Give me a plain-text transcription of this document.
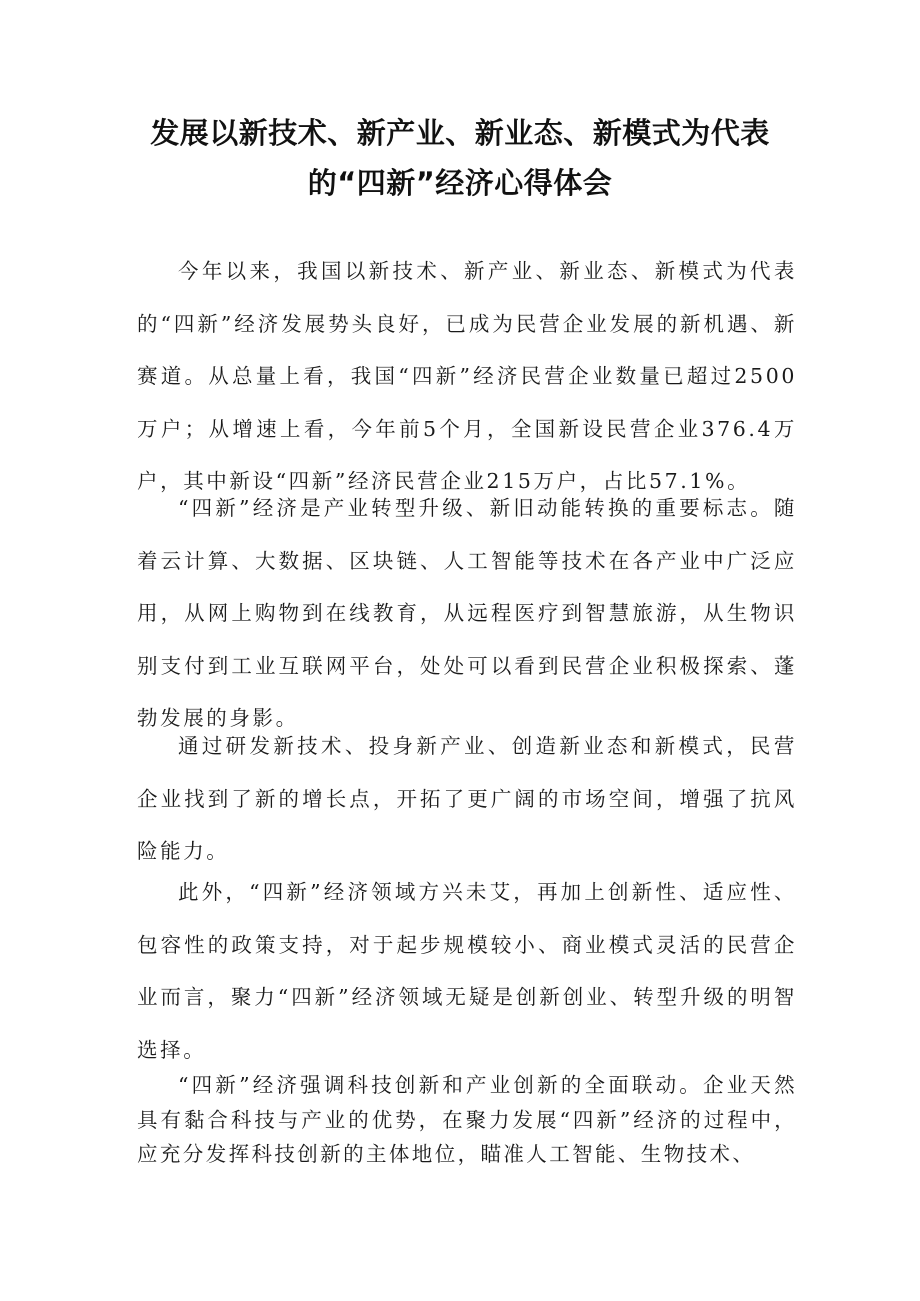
发展以新技术、新产业、新业态、新模式为代表的“四新”经济心得体会

今年以来，我国以新技术、新产业、新业态、新模式为代表的“四新”经济发展势头良好，已成为民营企业发展的新机遇、新赛道。从总量上看，我国“四新”经济民营企业数量已超过2500万户；从增速上看，今年前5个月，全国新设民营企业376.4万户，其中新设“四新”经济民营企业215万户，占比57.1%。

“四新”经济是产业转型升级、新旧动能转换的重要标志。随着云计算、大数据、区块链、人工智能等技术在各产业中广泛应用，从网上购物到在线教育，从远程医疗到智慧旅游，从生物识别支付到工业互联网平台，处处可以看到民营企业积极探索、蓬勃发展的身影。

通过研发新技术、投身新产业、创造新业态和新模式，民营企业找到了新的增长点，开拓了更广阔的市场空间，增强了抗风险能力。

此外，“四新”经济领域方兴未艾，再加上创新性、适应性、包容性的政策支持，对于起步规模较小、商业模式灵活的民营企业而言，聚力“四新”经济领域无疑是创新创业、转型升级的明智选择。

“四新”经济强调科技创新和产业创新的全面联动。企业天然具有黏合科技与产业的优势，在聚力发展“四新”经济的过程中，应充分发挥科技创新的主体地位，瞄准人工智能、生物技术、
